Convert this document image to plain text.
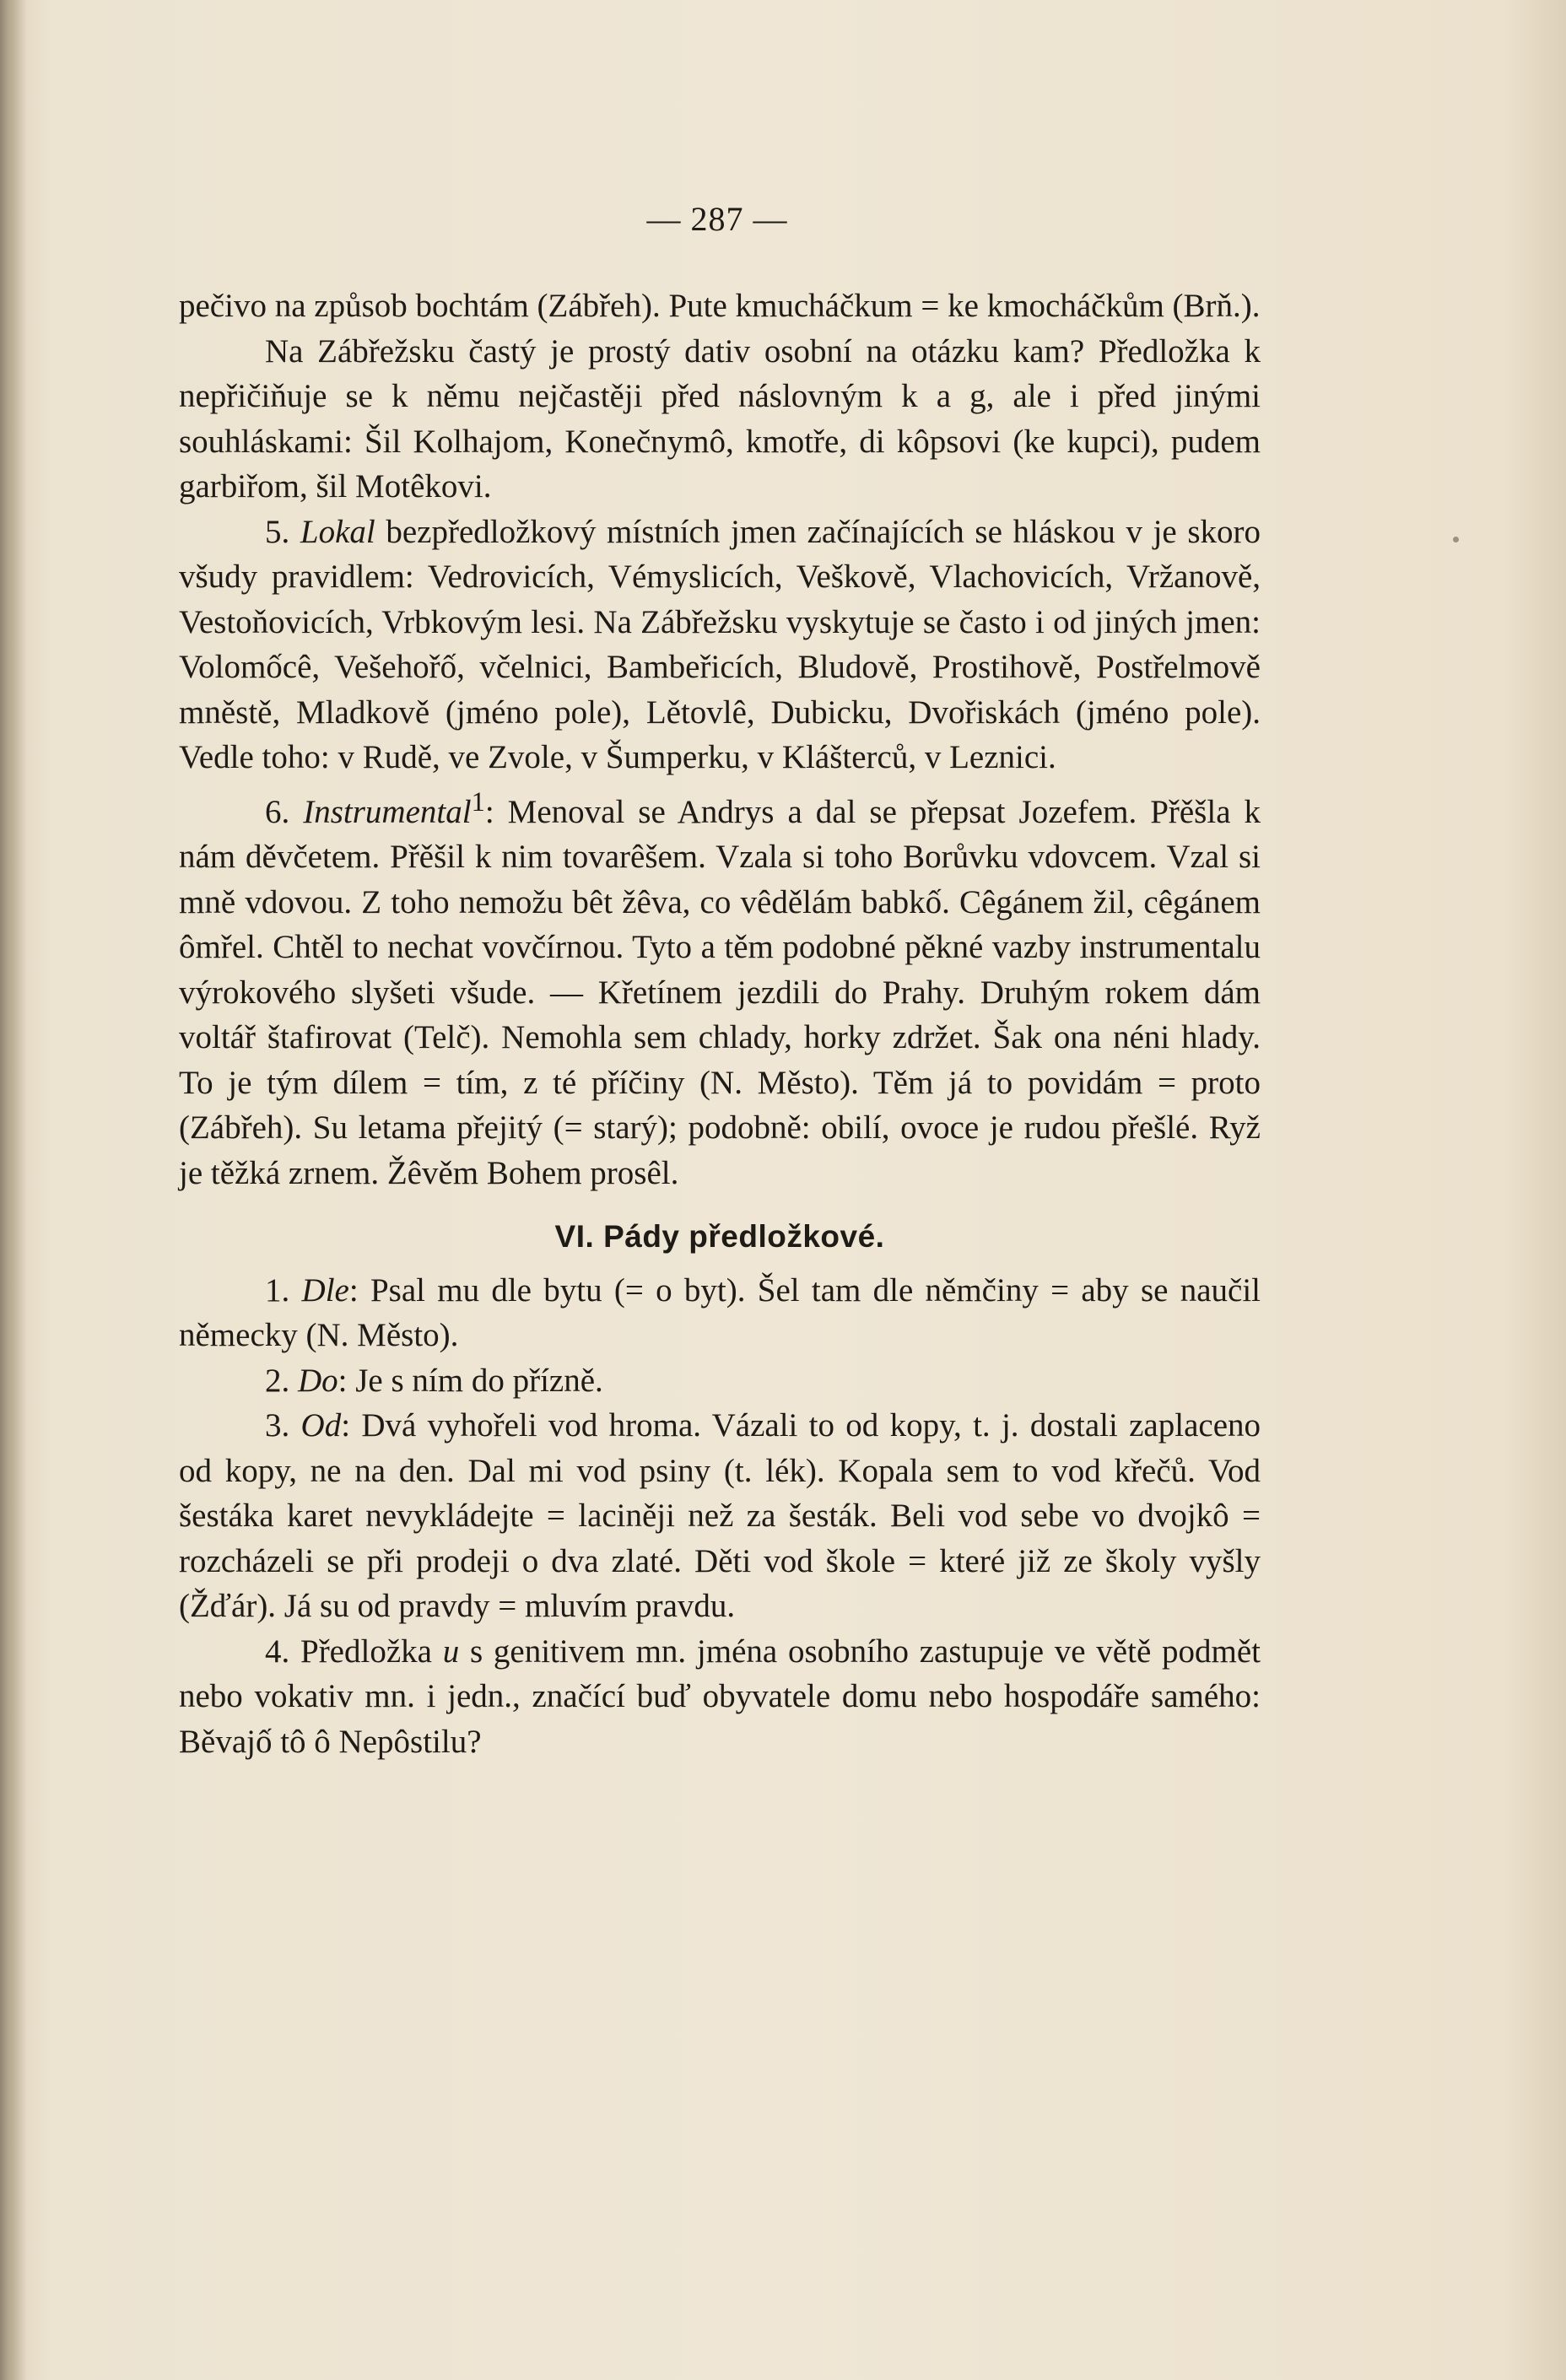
— 287 —

pečivo na způsob bochtám (Zábřeh). Pute kmucháčkum = ke kmocháčkům (Brň.).

Na Zábřežsku častý je prostý dativ osobní na otázku kam? Předložka k nepřičiňuje se k němu nejčastěji před náslovným k a g, ale i před jinými souhláskami: Šil Kolhajom, Konečnymô, kmotře, di kôpsovi (ke kupci), pudem garbiřom, šil Motêkovi.

5. Lokal bezpředložkový místních jmen začínajících se hláskou v je skoro všudy pravidlem: Vedrovicích, Vémyslicích, Veškově, Vlachovicích, Vržanově, Vestoňovicích, Vrbkovým lesi. Na Zábřežsku vyskytuje se často i od jiných jmen: Volomốcê, Vešehořố, včelnici, Bambeřicích, Bludově, Prostihově, Postřelmově mněstě, Mladkově (jméno pole), Lětovlê, Dubicku, Dvořiskách (jméno pole). Vedle toho: v Rudě, ve Zvole, v Šumperku, v Klášterců, v Leznici.

6. Instrumental$^1$: Menoval se Andrys a dal se přepsat Jozefem. Přěšla k nám děvčetem. Přěšil k nim tovarêšem. Vzala si toho Borůvku vdovcem. Vzal si mně vdovou. Z toho nemožu bêt žêva, co vêdělám babkố. Cêgánem žil, cêgánem ômřel. Chtěl to nechat vovčírnou. Tyto a těm podobné pěkné vazby instrumentalu výrokového slyšeti všude. — Křetínem jezdili do Prahy. Druhým rokem dám voltář štafirovat (Telč). Nemohla sem chlady, horky zdržet. Šak ona néni hlady. To je tým dílem = tím, z té příčiny (N. Město). Těm já to povidám = proto (Zábřeh). Su letama přejitý (= starý); podobně: obilí, ovoce je rudou přešlé. Ryž je těžká zrnem. Žêvěm Bohem prosêl.

VI. Pády předložkové.

1. Dle: Psal mu dle bytu (= o byt). Šel tam dle němčiny = aby se naučil německy (N. Město).

2. Do: Je s ním do přízně.

3. Od: Dvá vyhořeli vod hroma. Vázali to od kopy, t. j. dostali zaplaceno od kopy, ne na den. Dal mi vod psiny (t. lék). Kopala sem to vod křečů. Vod šestáka karet nevykládejte = laciněji než za šesták. Beli vod sebe vo dvojkô = rozcházeli se při prodeji o dva zlaté. Děti vod škole = které již ze školy vyšly (Žďár). Já su od pravdy = mluvím pravdu.

4. Předložka u s genitivem mn. jména osobního zastupuje ve větě podmět nebo vokativ mn. i jedn., značící buď obyvatele domu nebo hospodáře samého: Běvajố tô ô Nepôstilu?
